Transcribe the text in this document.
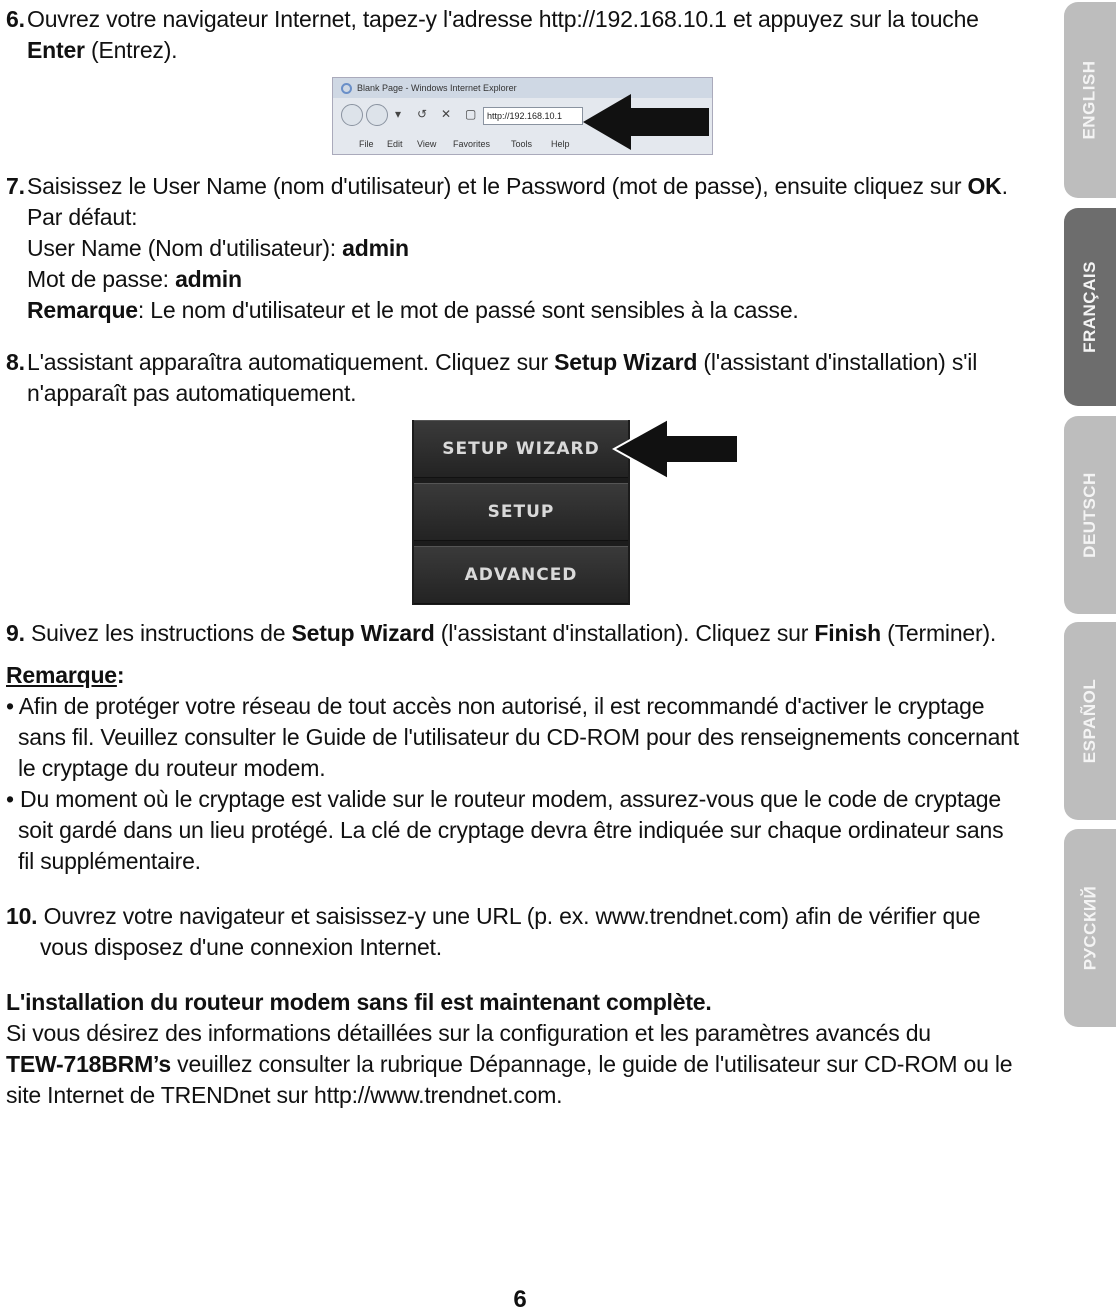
6. Ouvrez votre navigateur Internet, tapez-y l'adresse http://192.168.10.1 et appuyez sur la touche
Enter (Entrez).
Blank Page - Windows Internet Explorer
▾ ↺ ✕ ▢	http://192.168.10.1
File Edit View Favorites Tools Help
7. Saisissez le User Name (nom d'utilisateur) et le Password (mot de passe), ensuite cliquez sur OK.
Par défaut:
User Name (Nom d'utilisateur): admin
Mot de passe: admin
Remarque: Le nom d'utilisateur et le mot de passé sont sensibles à la casse.
8. L'assistant apparaîtra automatiquement. Cliquez sur Setup Wizard (l'assistant d'installation) s'il
n'apparaît pas automatiquement.
SETUP WIZARD
SETUP
ADVANCED
9. Suivez les instructions de Setup Wizard (l'assistant d'installation). Cliquez sur Finish (Terminer).
Remarque:
• Afin de protéger votre réseau de tout accès non autorisé, il est recommandé d'activer le cryptage
sans fil. Veuillez consulter le Guide de l'utilisateur du CD-ROM pour des renseignements concernant
le cryptage du routeur modem.
• Du moment où le cryptage est valide sur le routeur modem, assurez-vous que le code de cryptage
soit gardé dans un lieu protégé. La clé de cryptage devra être indiquée sur chaque ordinateur sans
fil supplémentaire.
10. Ouvrez votre navigateur et saisissez-y une URL (p. ex. www.trendnet.com) afin de vérifier que
vous disposez d'une connexion Internet.
L'installation du routeur modem sans fil est maintenant complète.
Si vous désirez des informations détaillées sur la configuration et les paramètres avancés du
TEW-718BRM’s veuillez consulter la rubrique Dépannage, le guide de l'utilisateur sur CD-ROM ou le
site Internet de TRENDnet sur http://www.trendnet.com.
ENGLISH
FRANÇAIS
DEUTSCH
ESPAÑOL
РУССКИЙ
6
